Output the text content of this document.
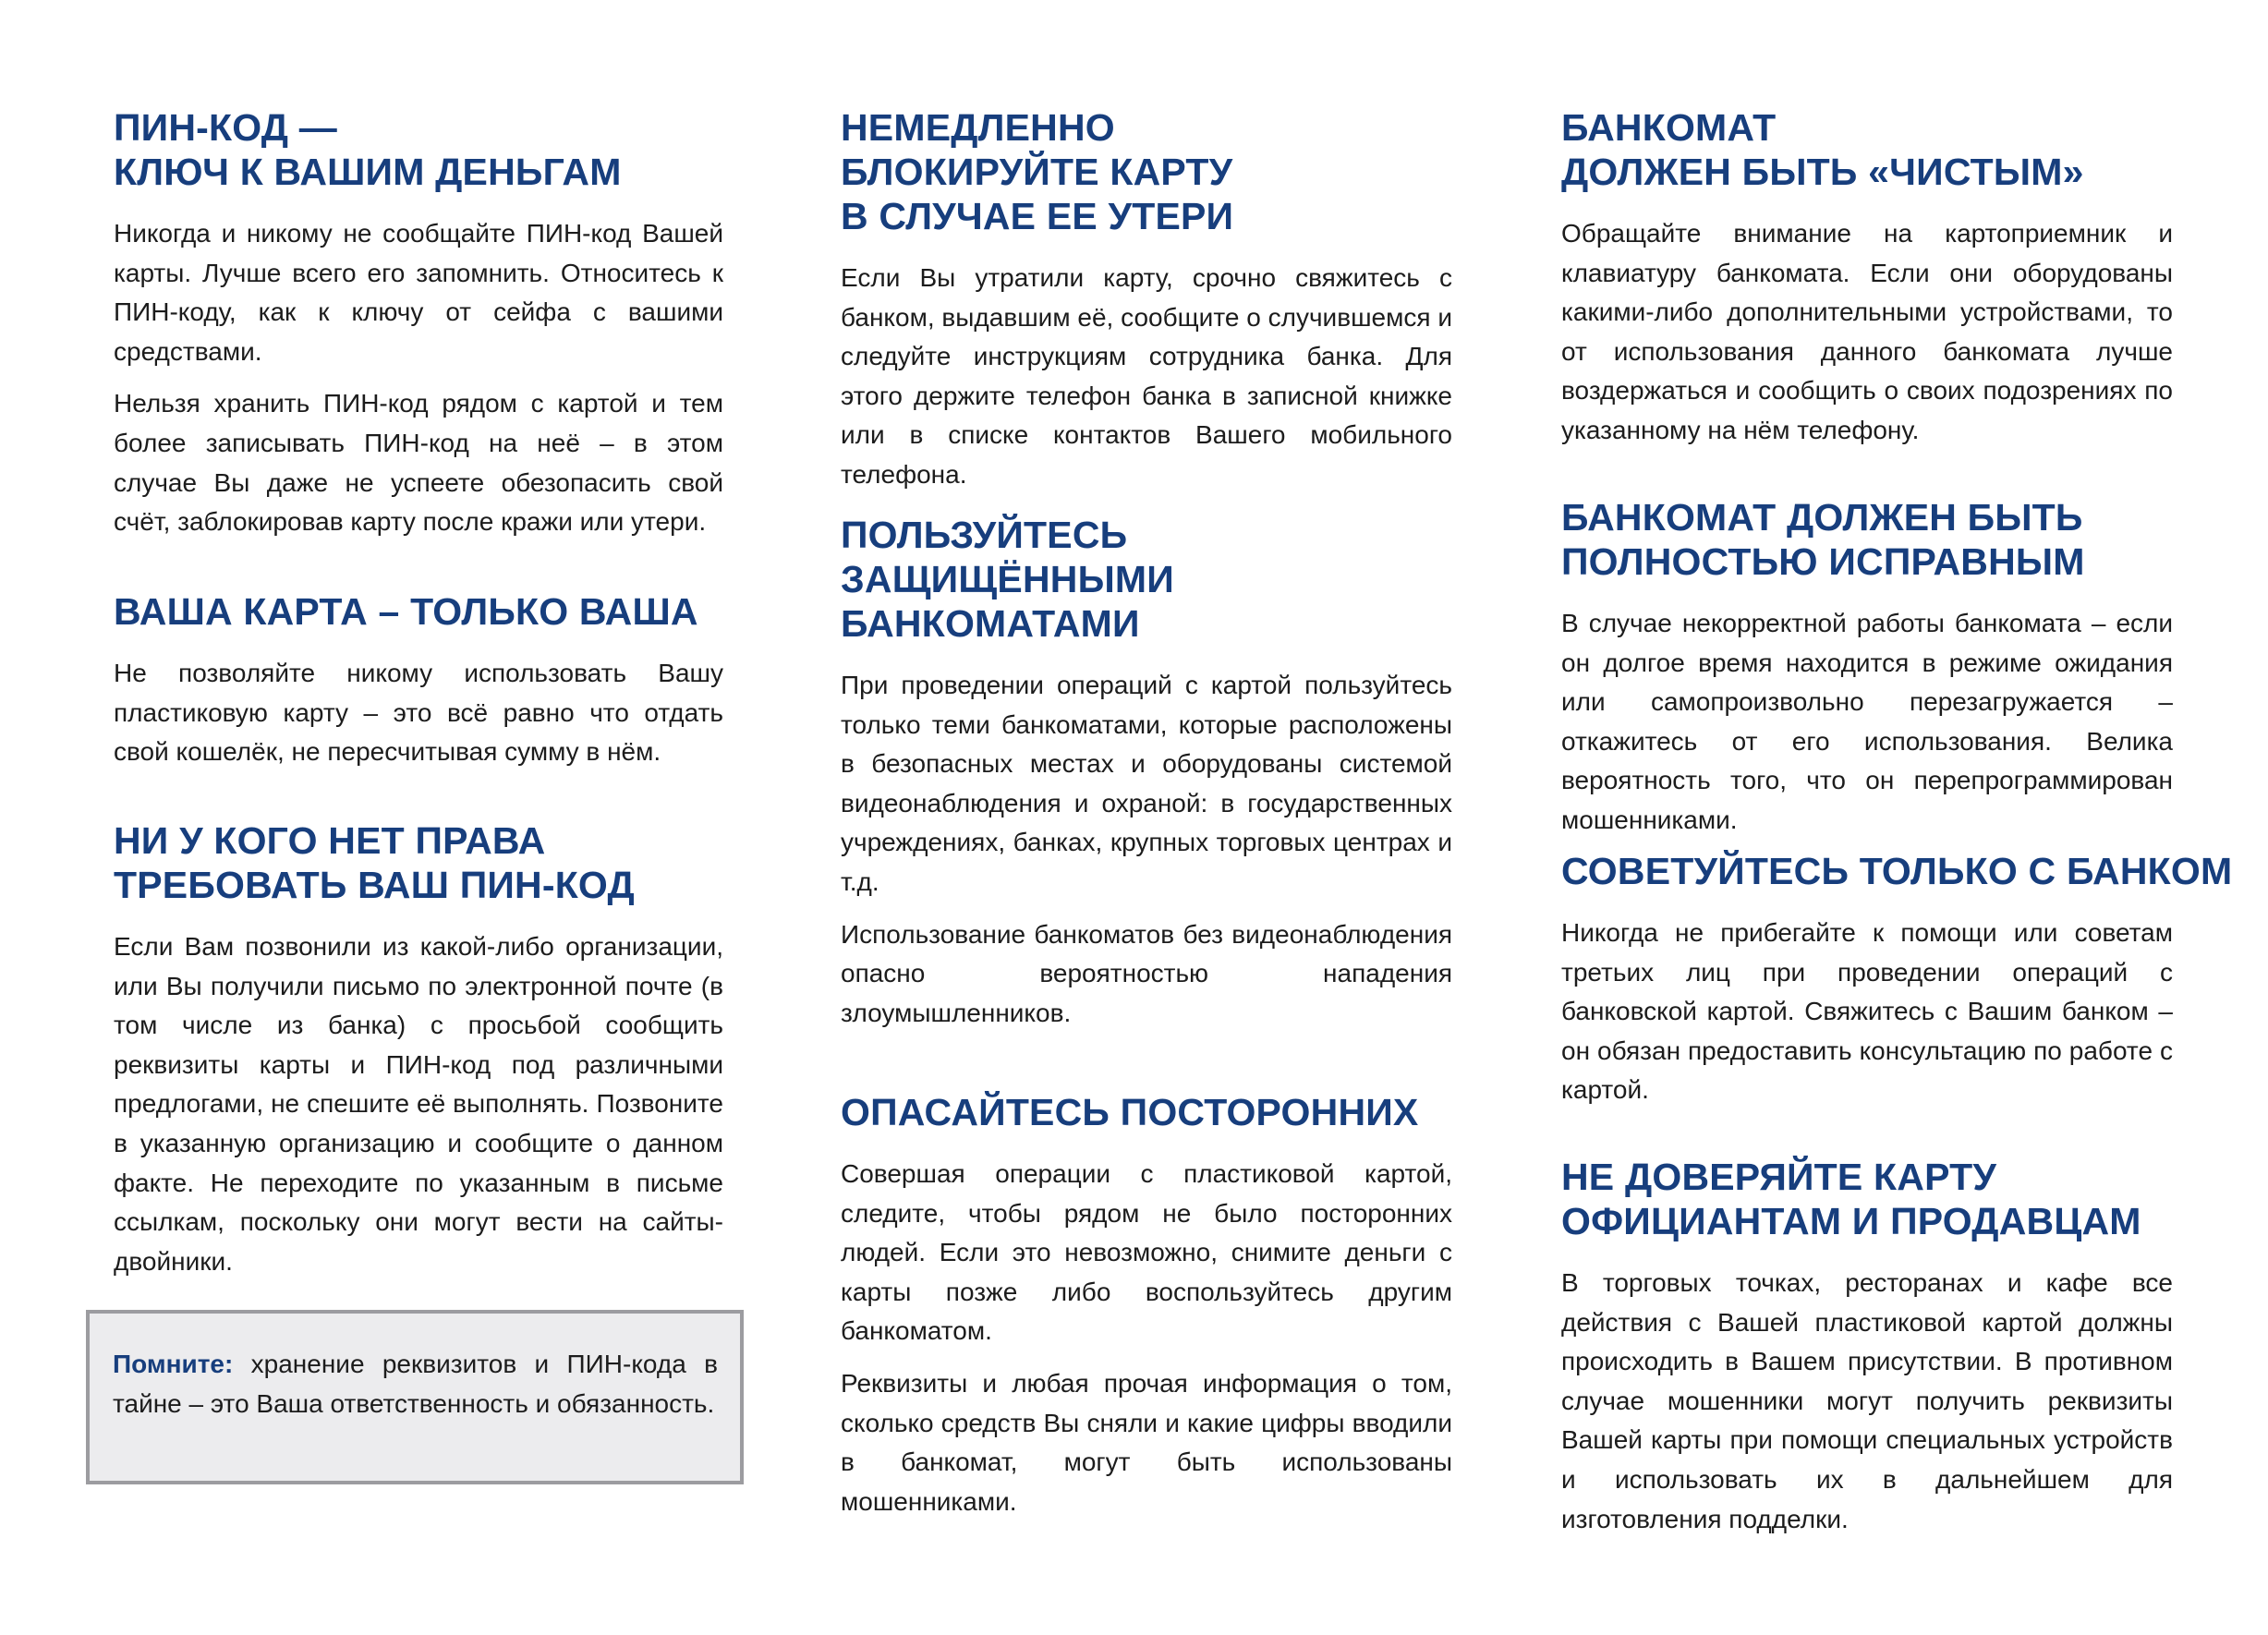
ПИН-КОД —
КЛЮЧ К ВАШИМ ДЕНЬГАМ

Никогда и никому не сообщайте ПИН-код Вашей карты. Лучше всего его запомнить. Относитесь к ПИН-коду, как к ключу от сейфа с вашими средствами.

Нельзя хранить ПИН-код рядом с картой и тем более записывать ПИН-код на неё – в этом случае Вы даже не успеете обезопасить свой счёт, заблокировав карту после кражи или утери.

ВАША КАРТА – ТОЛЬКО ВАША

Не позволяйте никому использовать Вашу пластиковую карту – это всё равно что отдать свой кошелёк, не пересчитывая сумму в нём.

НИ У КОГО НЕТ ПРАВА
ТРЕБОВАТЬ ВАШ ПИН-КОД

Если Вам позвонили из какой-либо организации, или Вы получили письмо по электронной почте (в том числе из банка) с просьбой сообщить реквизиты карты и ПИН-код под различными предлогами, не спешите её выполнять. Позвоните в указанную организацию и сообщите о данном факте. Не переходите по указанным в письме ссылкам, поскольку они могут вести на сайты-двойники.

Помните: хранение реквизитов и ПИН-кода в тайне – это Ваша ответственность и обязанность.

НЕМЕДЛЕННО
БЛОКИРУЙТЕ КАРТУ
В СЛУЧАЕ ЕЕ УТЕРИ

Если Вы утратили карту, срочно свяжитесь с банком, выдавшим её, сообщите о случившемся и следуйте инструкциям сотрудника банка. Для этого держите телефон банка в записной книжке или в списке контактов Вашего мобильного телефона.

ПОЛЬЗУЙТЕСЬ
ЗАЩИЩЁННЫМИ
БАНКОМАТАМИ

При проведении операций с картой пользуйтесь только теми банкоматами, которые расположены в безопасных местах и оборудованы системой видеонаблюдения и охраной: в государственных учреждениях, банках, крупных торговых центрах и т.д.

Использование банкоматов без видеонаблюдения опасно вероятностью нападения злоумышленников.

ОПАСАЙТЕСЬ ПОСТОРОННИХ

Совершая операции с пластиковой картой, следите, чтобы рядом не было посторонних людей. Если это невозможно, снимите деньги с карты позже либо воспользуйтесь другим банкоматом.

Реквизиты и любая прочая информация о том, сколько средств Вы сняли и какие цифры вводили в банкомат, могут быть использованы мошенниками.

БАНКОМАТ
ДОЛЖЕН БЫТЬ «ЧИСТЫМ»

Обращайте внимание на картоприемник и клавиатуру банкомата. Если они оборудованы какими-либо дополнительными устройствами, то от использования данного банкомата лучше воздержаться и сообщить о своих подозрениях по указанному на нём телефону.

БАНКОМАТ ДОЛЖЕН БЫТЬ
ПОЛНОСТЬЮ ИСПРАВНЫМ

В случае некорректной работы банкомата – если он долгое время находится в режиме ожидания или самопроизвольно перезагружается – откажитесь от его использования. Велика вероятность того, что он перепрограммирован мошенниками.

СОВЕТУЙТЕСЬ ТОЛЬКО С БАНКОМ

Никогда не прибегайте к помощи или советам третьих лиц при проведении операций с банковской картой. Свяжитесь с Вашим банком – он обязан предоставить консультацию по работе с картой.

НЕ ДОВЕРЯЙТЕ КАРТУ
ОФИЦИАНТАМ И ПРОДАВЦАМ

В торговых точках, ресторанах и кафе все действия с Вашей пластиковой картой должны происходить в Вашем присутствии. В противном случае мошенники могут получить реквизиты Вашей карты при помощи специальных устройств и использовать их в дальнейшем для изготовления подделки.
